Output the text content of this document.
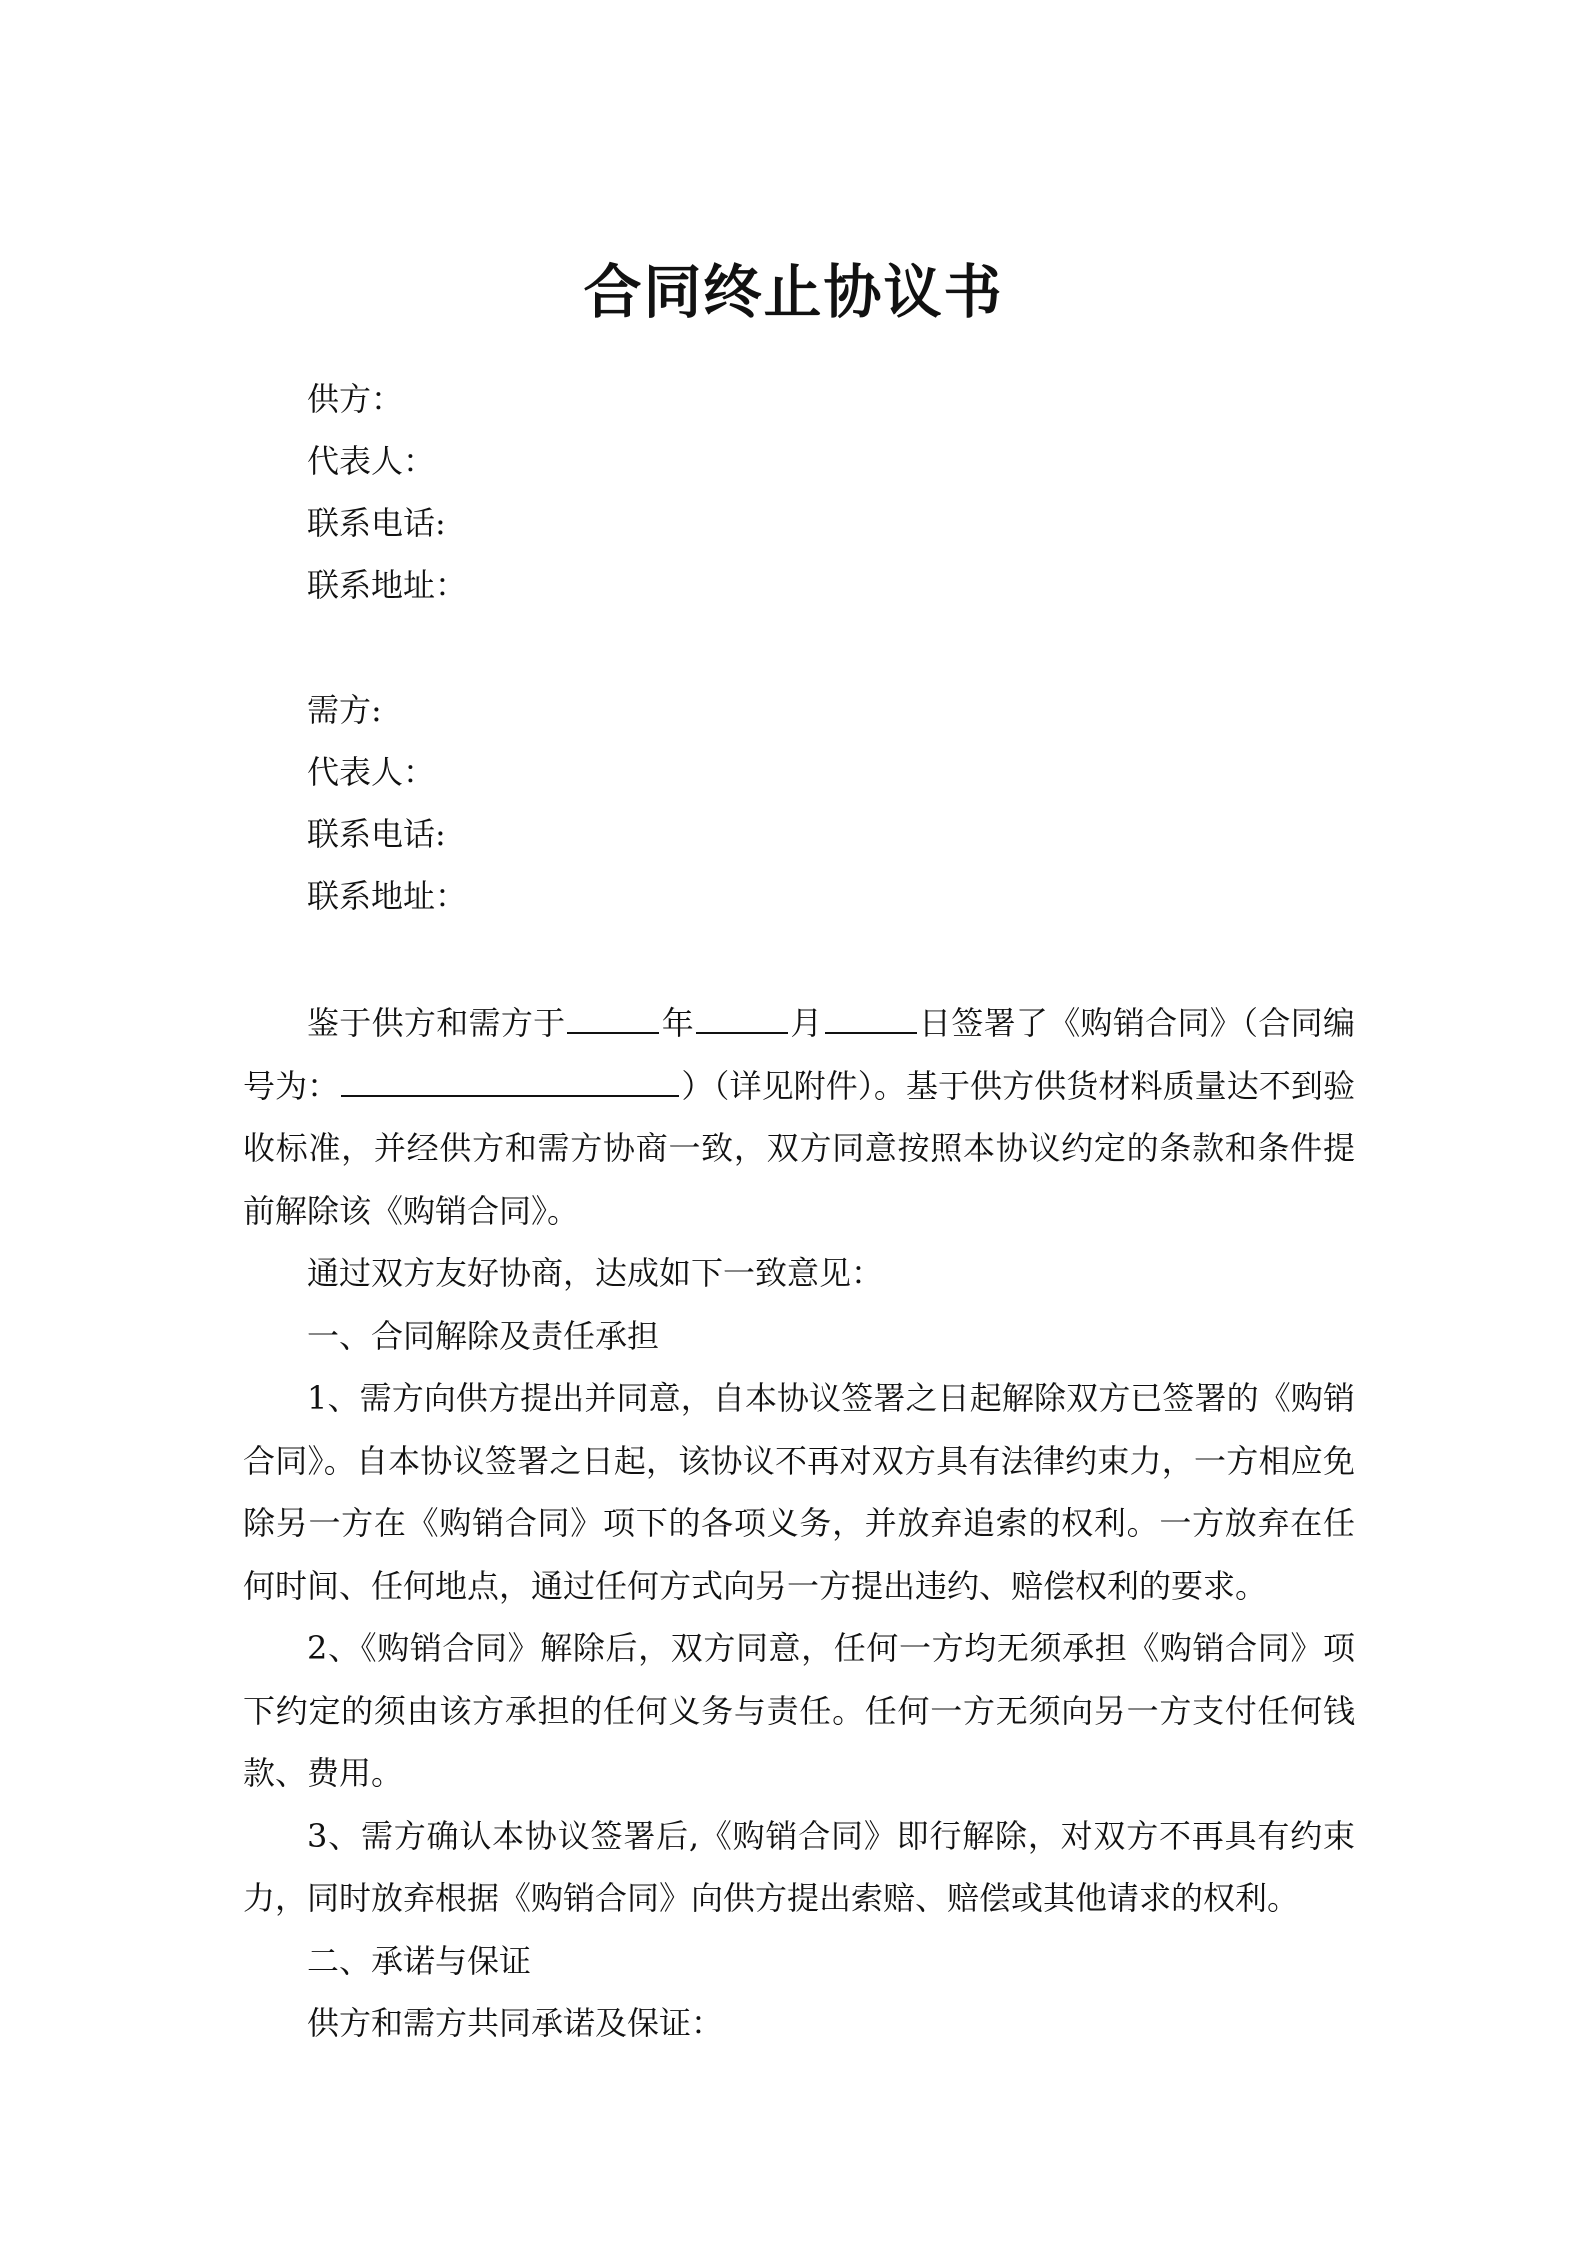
合同终止协议书
供方：
代表人：
联系电话:
联系地址：
需方:
代表人：
联系电话:
联系地址：

鉴于供方和需方于	年	月	日签署了《购销合同》（合同编号为：	）（详见附件）。基于供方供货材料质量达不到验收标准，并经供方和需方协商一致，双方同意按照本协议约定的条款和条件提前解除该《购销合同》。

通过双方友好协商，达成如下一致意见：

一、合同解除及责任承担

1、需方向供方提出并同意，自本协议签署之日起解除双方已签署的《购销合同》。自本协议签署之日起，该协议不再对双方具有法律约束力，一方相应免除另一方在《购销合同》项下的各项义务，并放弃追索的权利。一方放弃在任何时间、任何地点，通过任何方式向另一方提出违约、赔偿权利的要求。

2、《购销合同》解除后，双方同意，任何一方均无须承担《购销合同》项下约定的须由该方承担的任何义务与责任。任何一方无须向另一方支付任何钱款、费用。

3、需方确认本协议签署后,《购销合同》即行解除，对双方不再具有约束力，同时放弃根据《购销合同》向供方提出索赔、赔偿或其他请求的权利。

二、承诺与保证

供方和需方共同承诺及保证：
